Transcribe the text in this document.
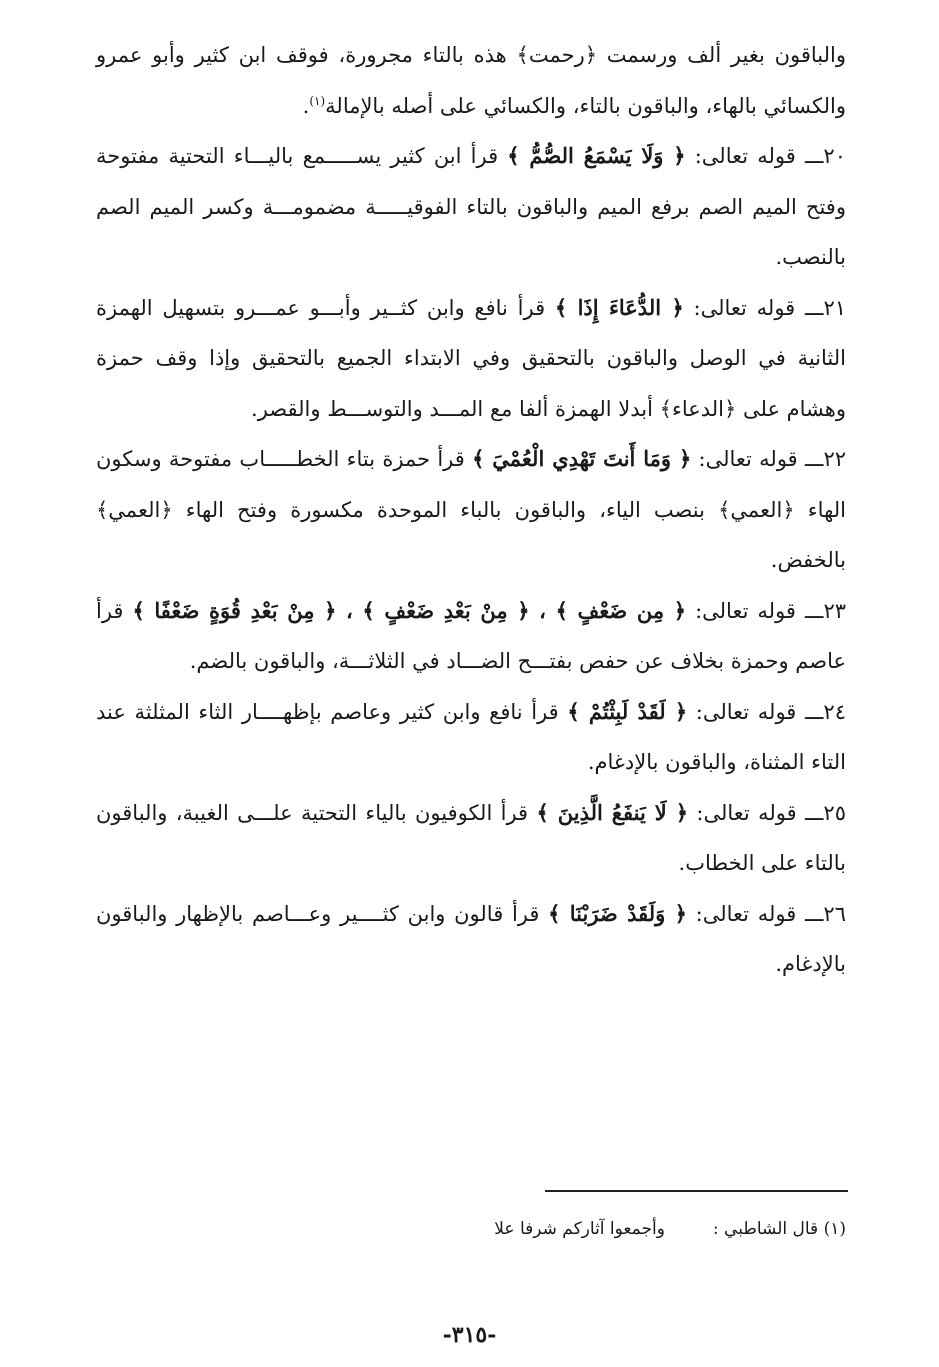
والباقون بغير ألف ورسمت ﴿رحمت﴾ هذه بالتاء مجرورة، فوقف ابن كثير وأبو عمرو والكسائي بالهاء، والباقون بالتاء، والكسائي على أصله بالإمالة$^{(١)}$.

٢٠ـــ قوله تعالى: ﴿ وَلَا يَسْمَعُ الصُّمُّ ﴾ قرأ ابن كثير يســـــمع باليـــاء التحتية مفتوحة وفتح الميم الصم برفع الميم والباقون بالتاء الفوقيـــــة مضمومـــة وكسر الميم الصم بالنصب.

٢١ـــ قوله تعالى: ﴿ الدُّعَاءَ إِذَا ﴾ قرأ نافع وابن كثــير وأبـــو عمـــرو بتسهيل الهمزة الثانية في الوصل والباقون بالتحقيق وفي الابتداء الجميع بالتحقيق وإذا وقف حمزة وهشام على ﴿الدعاء﴾ أبدلا الهمزة ألفا مع المـــد والتوســـط والقصر.

٢٢ـــ قوله تعالى: ﴿ وَمَا أَنتَ تَهْدِي الْعُمْيَ ﴾ قرأ حمزة بتاء الخطـــــاب مفتوحة وسكون الهاء ﴿العمي﴾ بنصب الياء، والباقون بالباء الموحدة مكسورة وفتح الهاء ﴿العمي﴾ بالخفض.

٢٣ـــ قوله تعالى: ﴿ مِن ضَعْفٍ ﴾ ، ﴿ مِنْ بَعْدِ ضَعْفٍ ﴾ ، ﴿ مِنْ بَعْدِ قُوَةٍ ضَعْفًا ﴾ قرأ عاصم وحمزة بخلاف عن حفص بفتـــح الضـــاد في الثلاثـــة، والباقون بالضم.

٢٤ـــ قوله تعالى: ﴿ لَقَدْ لَبِثْتُمْ ﴾ قرأ نافع وابن كثير وعاصم بإظهــــار الثاء المثلثة عند التاء المثناة، والباقون بالإدغام.

٢٥ـــ قوله تعالى: ﴿ لَا يَنفَعُ الَّذِينَ ﴾ قرأ الكوفيون بالياء التحتية علـــى الغيبة، والباقون بالتاء على الخطاب.

٢٦ـــ قوله تعالى: ﴿ وَلَقَدْ ضَرَبْنَا ﴾ قرأ قالون وابن كثــــير وعـــاصم بالإظهار والباقون بالإدغام.

(١) قال الشاطبي :وأجمعوا آثاركم شرفا علا
-٣١٥-
